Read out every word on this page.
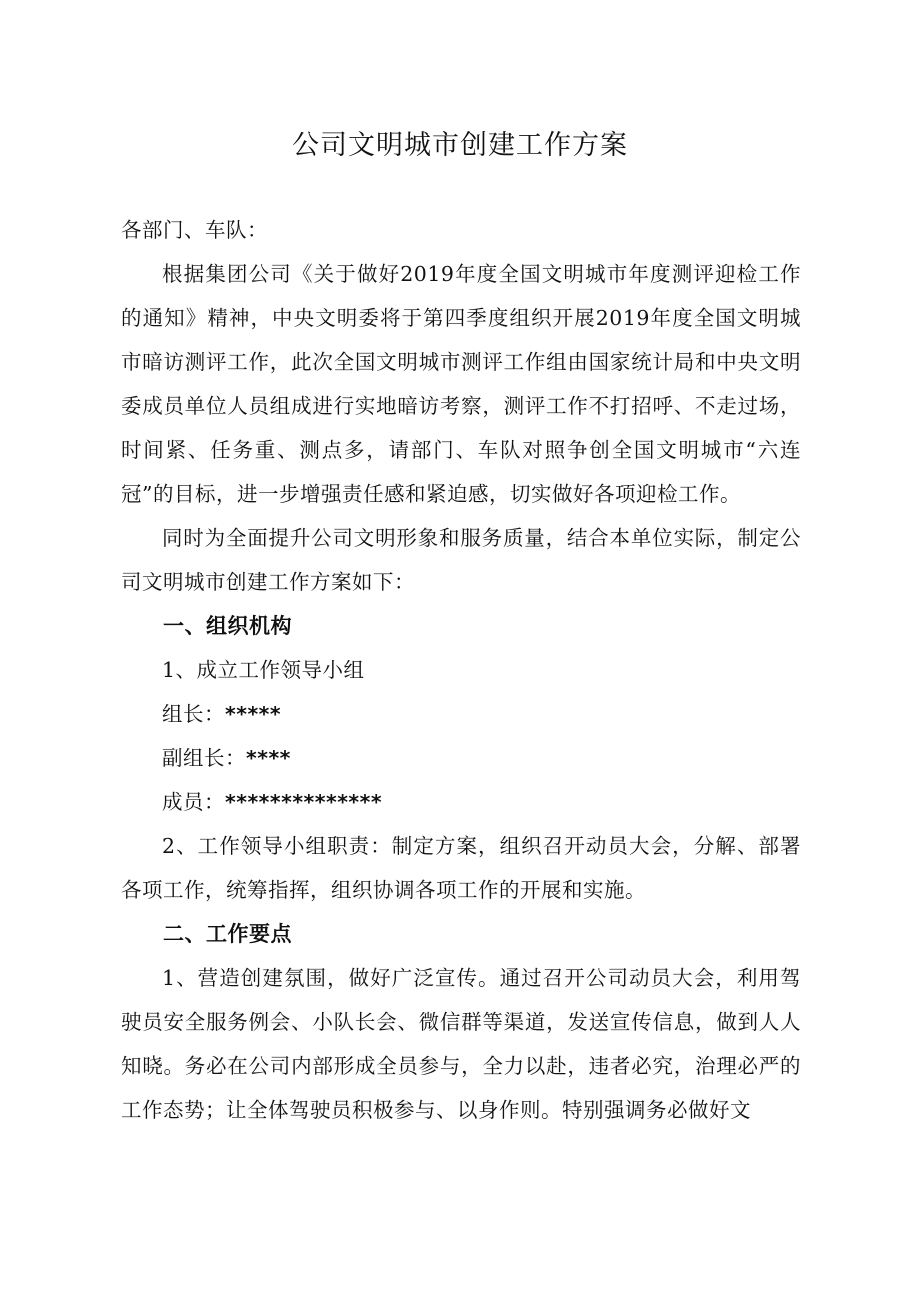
公司文明城市创建工作方案

各部门、车队：

根据集团公司《关于做好2019年度全国文明城市年度测评迎检工作的通知》精神，中央文明委将于第四季度组织开展2019年度全国文明城市暗访测评工作，此次全国文明城市测评工作组由国家统计局和中央文明委成员单位人员组成进行实地暗访考察，测评工作不打招呼、不走过场，时间紧、任务重、测点多，请部门、车队对照争创全国文明城市“六连冠”的目标，进一步增强责任感和紧迫感，切实做好各项迎检工作。

同时为全面提升公司文明形象和服务质量，结合本单位实际，制定公司文明城市创建工作方案如下：

一、组织机构

1、成立工作领导小组

组长：*****

副组长：****

成员：**************

2、工作领导小组职责：制定方案，组织召开动员大会，分解、部署各项工作，统筹指挥，组织协调各项工作的开展和实施。

二、工作要点

1、营造创建氛围，做好广泛宣传。通过召开公司动员大会，利用驾驶员安全服务例会、小队长会、微信群等渠道，发送宣传信息，做到人人知晓。务必在公司内部形成全员参与，全力以赴，违者必究，治理必严的工作态势；让全体驾驶员积极参与、以身作则。特别强调务必做好文
